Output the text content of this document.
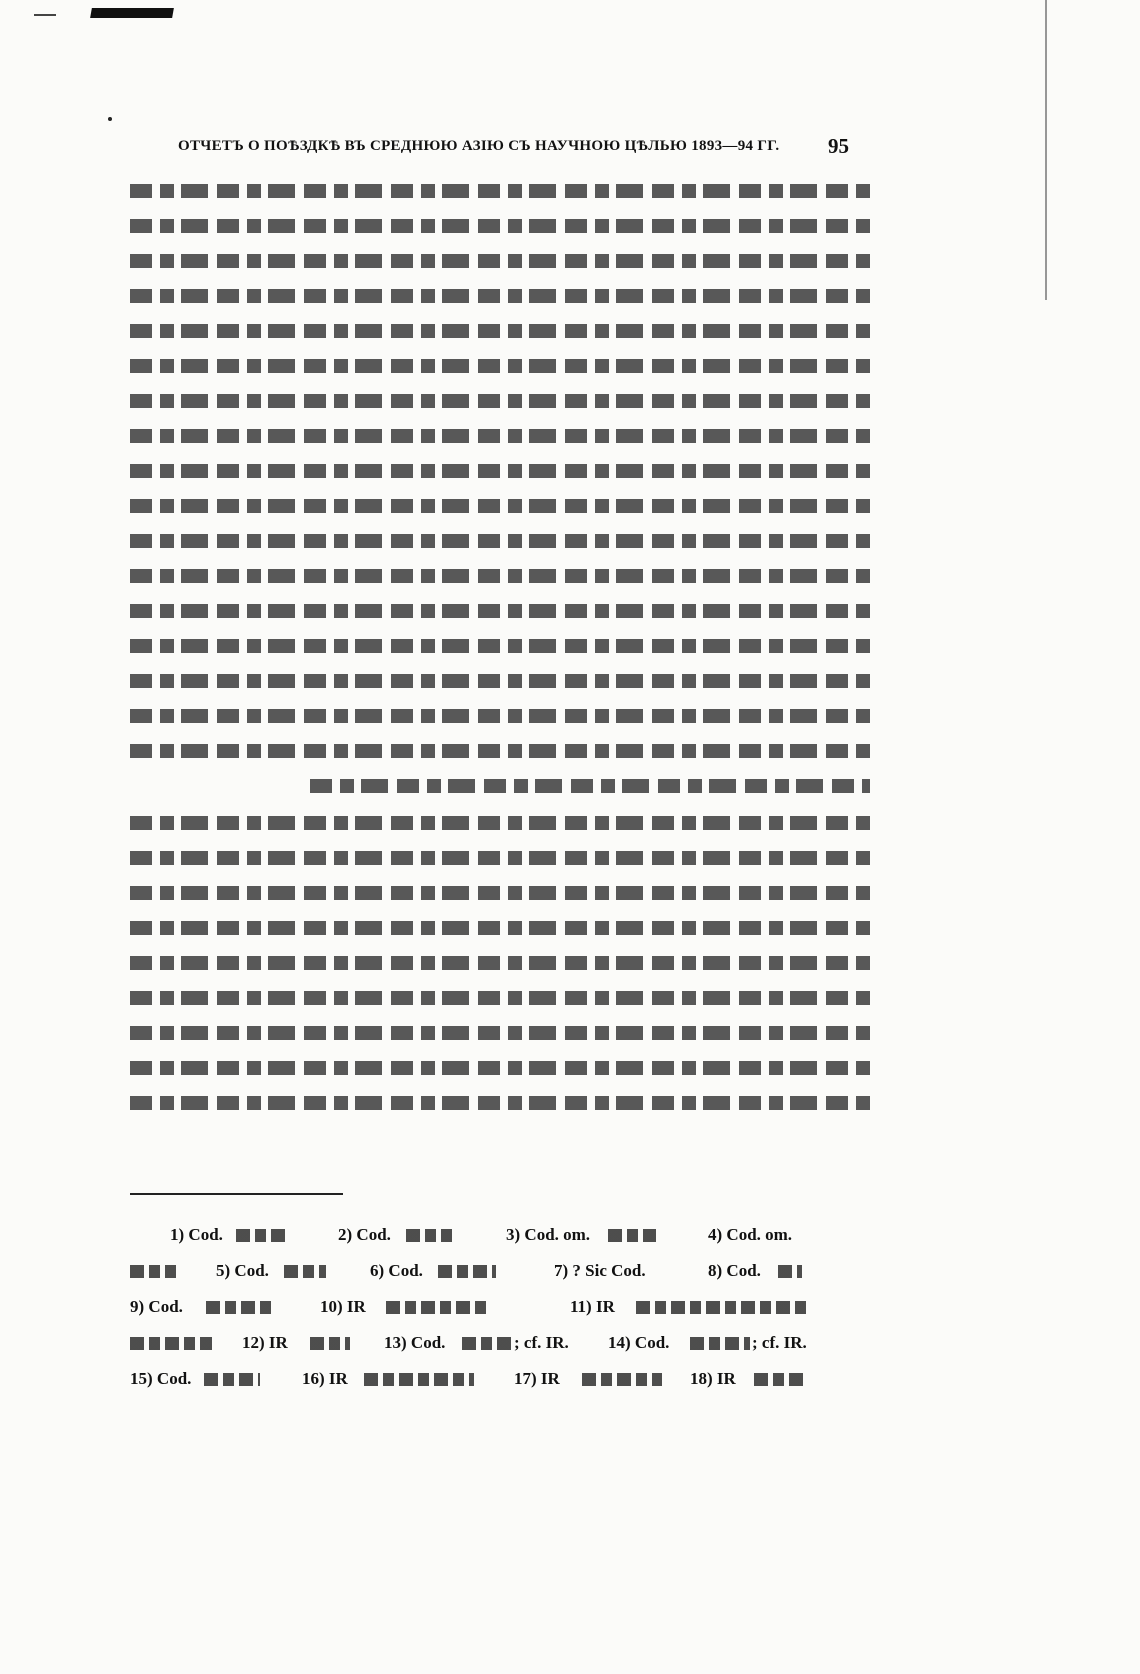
ОТЧЕТЪ О ПОѢЗДКѢ ВЪ СРЕДНЮЮ АЗІЮ СЪ НАУЧНОЮ ЦѢЛЬЮ 1893—94 ГГ.	95
1) Cod.	2) Cod.	3) Cod. om.	4) Cod. om.
5) Cod.	6) Cod.	7) ? Sic Cod.	8) Cod.
9) Cod.	10) IR	11) IR
12) IR	13) Cod.	; cf. IR. 14) Cod.	; cf. IR.
15) Cod.	16) IR	17) IR	18) IR
